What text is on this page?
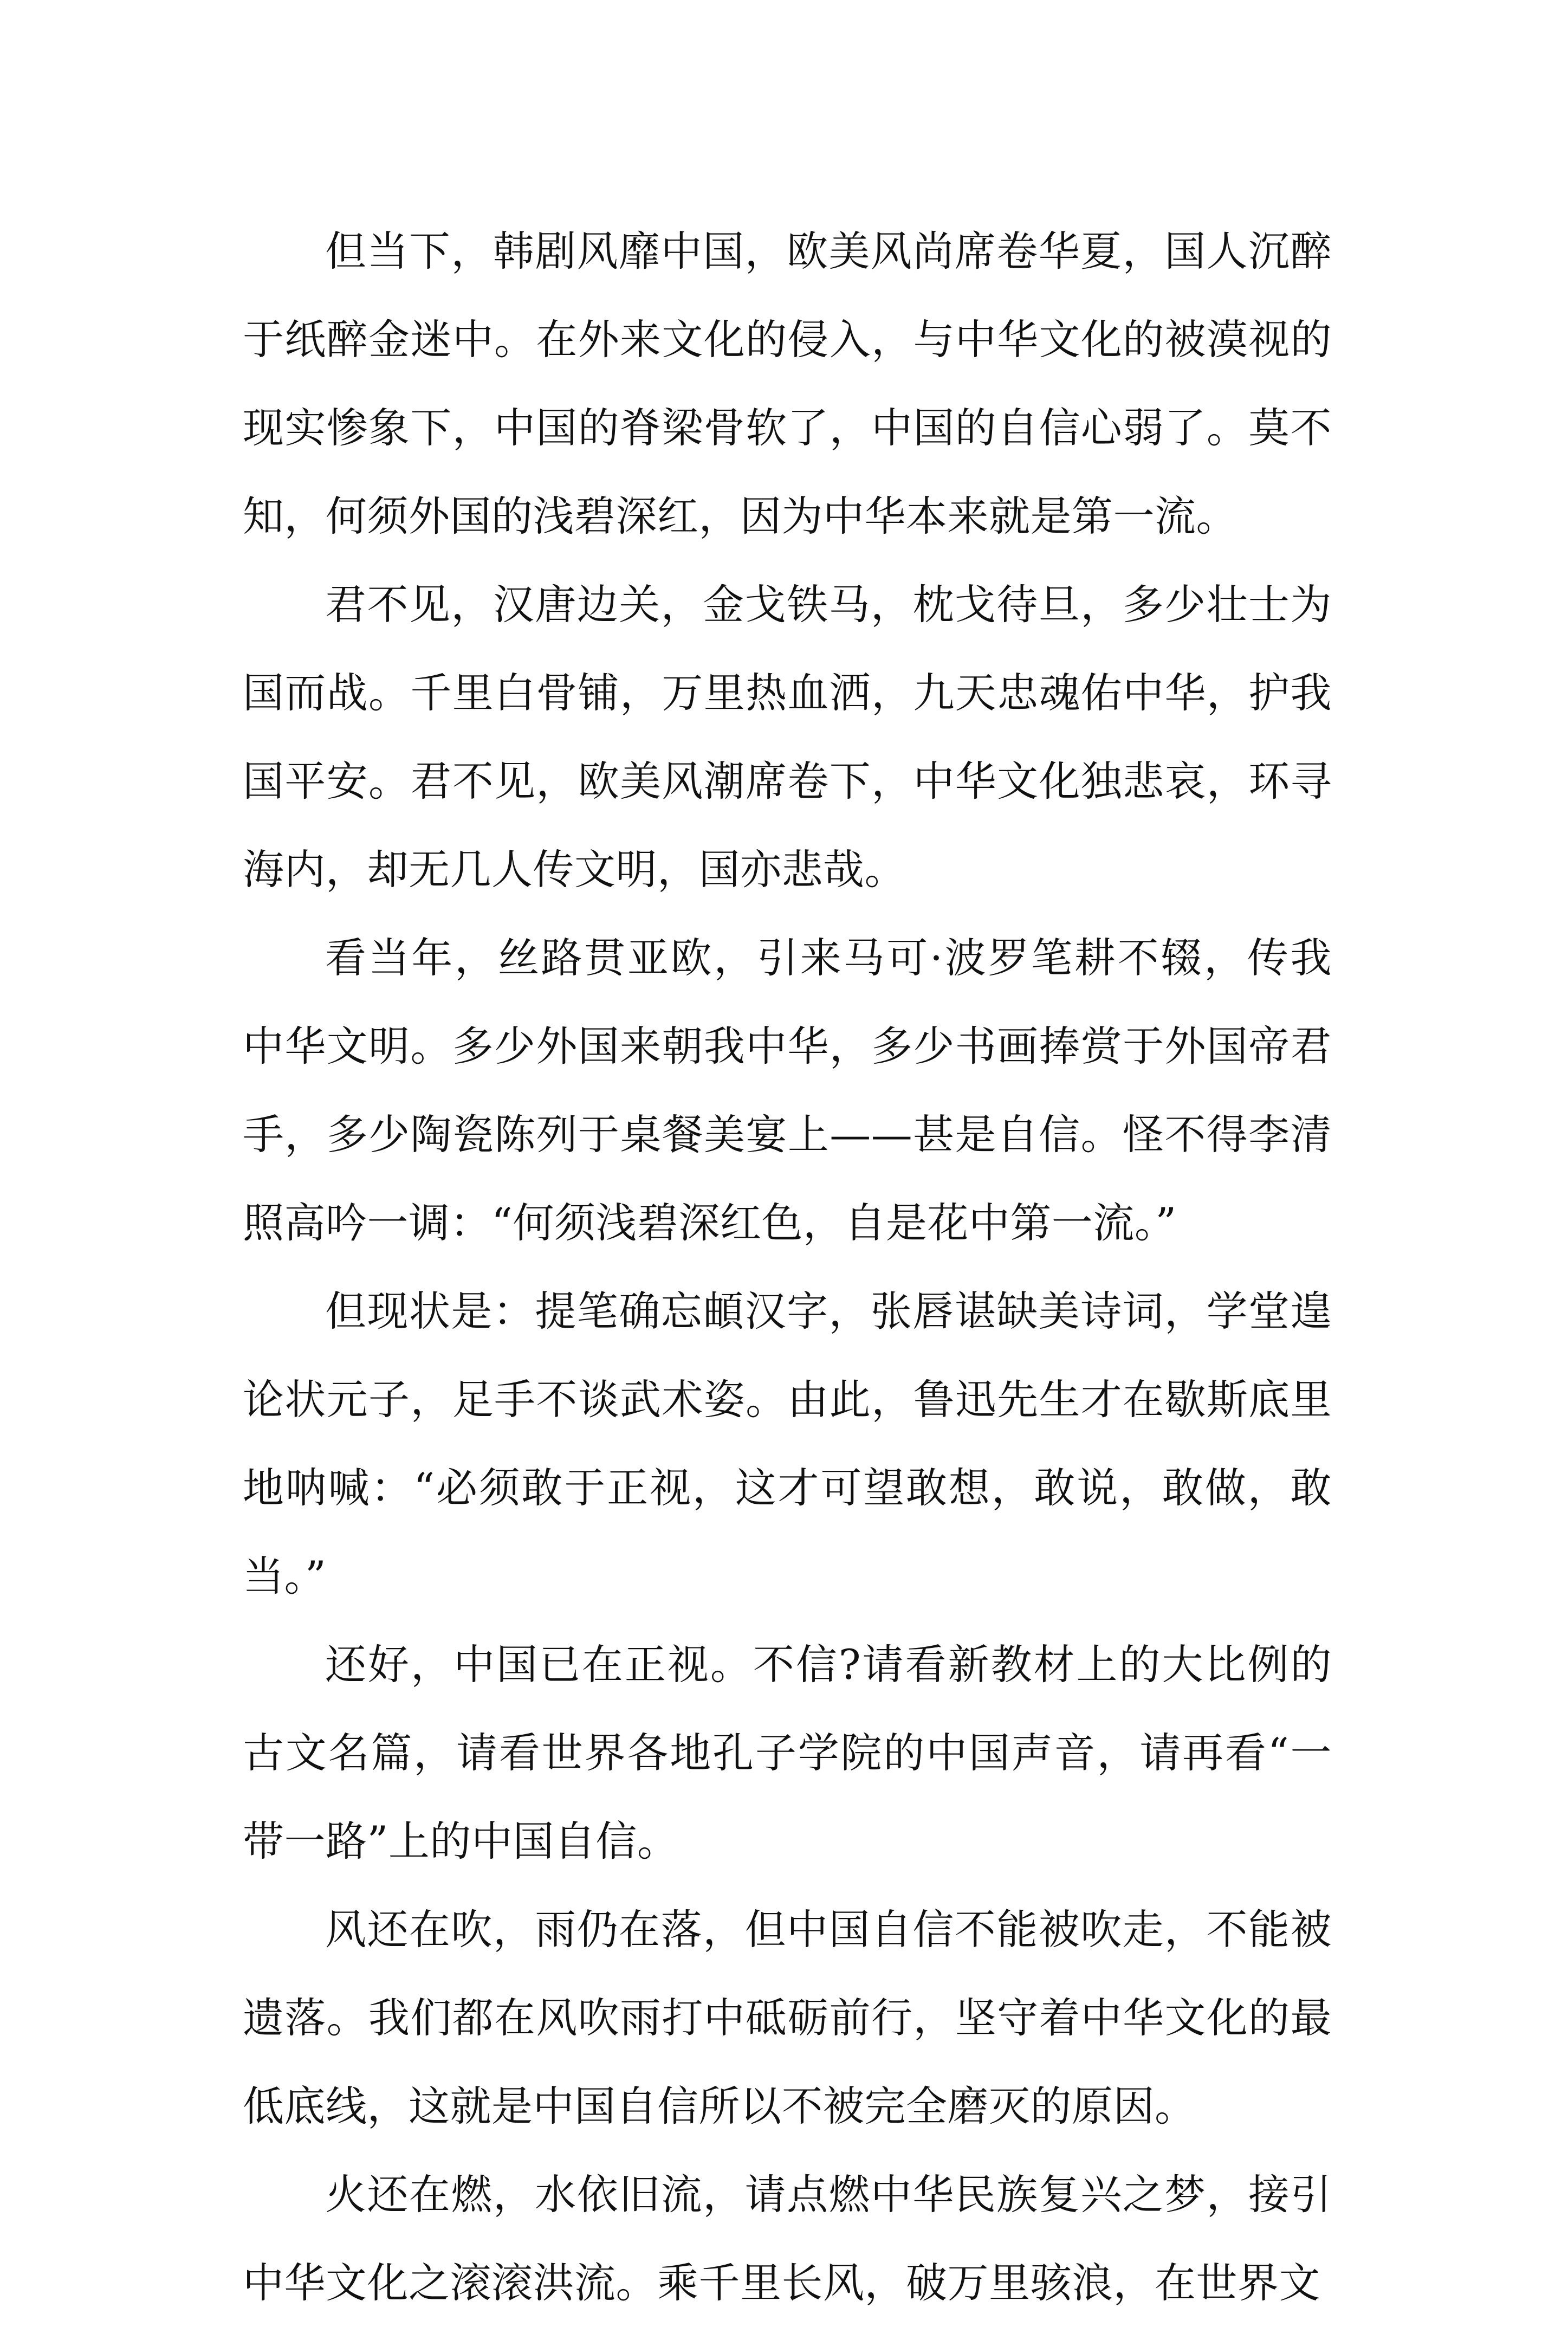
但当下，韩剧风靡中国，欧美风尚席卷华夏，国人沉醉于纸醉金迷中。在外来文化的侵入，与中华文化的被漠视的现实惨象下，中国的脊梁骨软了，中国的自信心弱了。莫不知，何须外国的浅碧深红，因为中华本来就是第一流。

君不见，汉唐边关，金戈铁马，枕戈待旦，多少壮士为国而战。千里白骨铺，万里热血洒，九天忠魂佑中华，护我国平安。君不见，欧美风潮席卷下，中华文化独悲哀，环寻海内，却无几人传文明，国亦悲哉。

看当年，丝路贯亚欧，引来马可·波罗笔耕不辍，传我中华文明。多少外国来朝我中华，多少书画捧赏于外国帝君手，多少陶瓷陈列于桌餐美宴上——甚是自信。怪不得李清照高吟一调：“何须浅碧深红色，自是花中第一流。”

但现状是：提笔确忘頔汉字，张唇谌缺美诗词，学堂遑论状元子，足手不谈武术姿。由此，鲁迅先生才在歇斯底里地呐喊：“必须敢于正视，这才可望敢想，敢说，敢做，敢当。”

还好，中国已在正视。不信?请看新教材上的大比例的古文名篇，请看世界各地孔子学院的中国声音，请再看“一带一路”上的中国自信。

风还在吹，雨仍在落，但中国自信不能被吹走，不能被遗落。我们都在风吹雨打中砥砺前行，坚守着中华文化的最低底线，这就是中国自信所以不被完全磨灭的原因。

火还在燃，水依旧流，请点燃中华民族复兴之梦，接引中华文化之滚滚洪流。乘千里长风，破万里骇浪，在世界文
